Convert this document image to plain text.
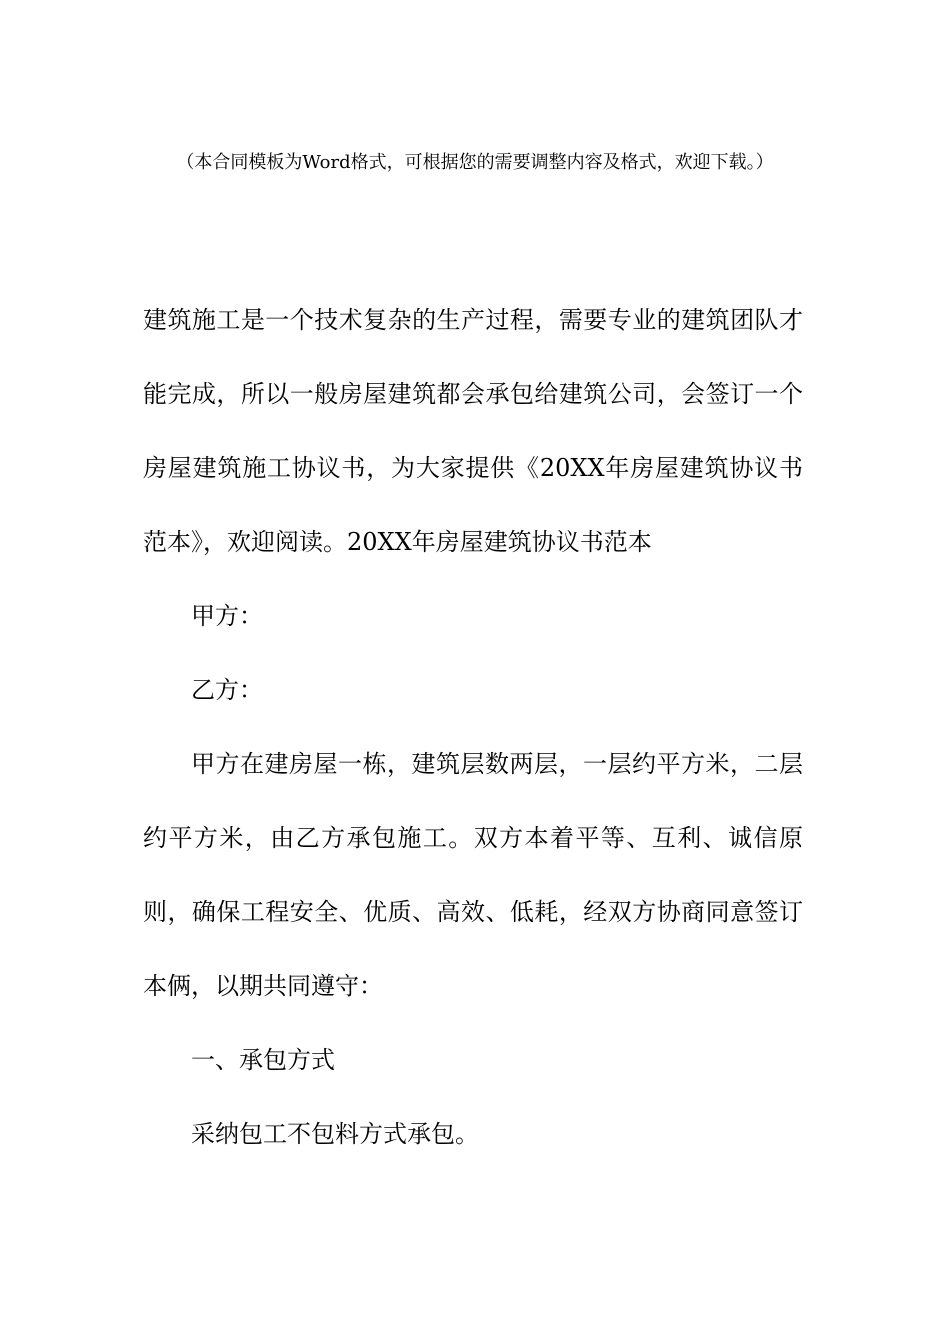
（本合同模板为Word格式，可根据您的需要调整内容及格式，欢迎下载。）

建筑施工是一个技术复杂的生产过程，需要专业的建筑团队才能完成，所以一般房屋建筑都会承包给建筑公司，会签订一个房屋建筑施工协议书，为大家提供《20XX年房屋建筑协议书范本》，欢迎阅读。20XX年房屋建筑协议书范本

甲方：

乙方：

甲方在建房屋一栋，建筑层数两层，一层约平方米，二层约平方米，由乙方承包施工。双方本着平等、互利、诚信原则，确保工程安全、优质、高效、低耗，经双方协商同意签订本俩，以期共同遵守：

一、承包方式

采纳包工不包料方式承包。
